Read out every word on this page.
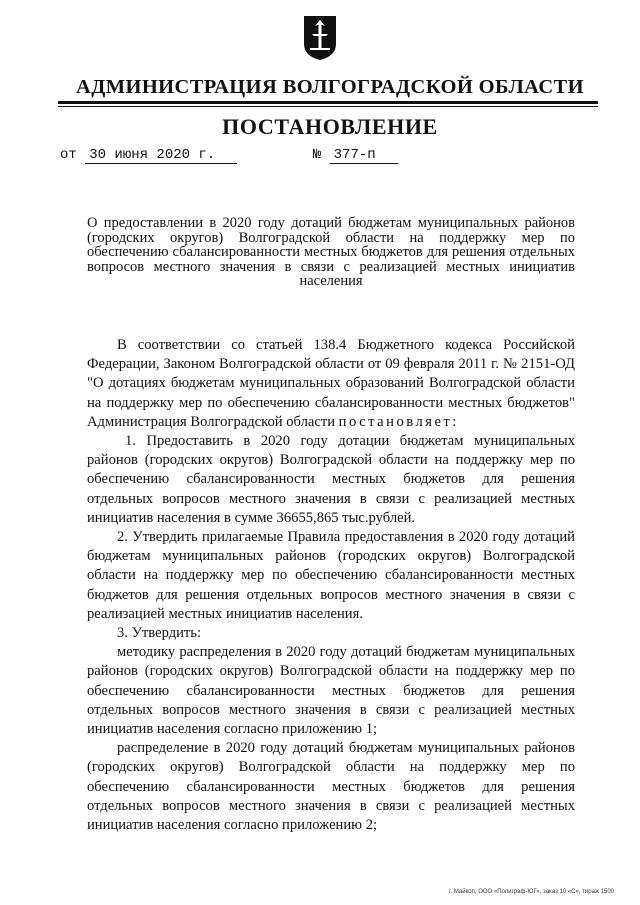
АДМИНИСТРАЦИЯ ВОЛГОГРАДСКОЙ ОБЛАСТИ
ПОСТАНОВЛЕНИЕ
от 30 июня 2020 г.	№ 377-п

О предоставлении в 2020 году дотаций бюджетам муниципальных районов (городских округов) Волгоградской области на поддержку мер по обеспечению сбалансированности местных бюджетов для решения отдельных вопросов местного значения в связи с реализацией местных инициатив населения

В соответствии со статьей 138.4 Бюджетного кодекса Российской Федерации, Законом Волгоградской области от 09 февраля 2011 г. № 2151-ОД "О дотациях бюджетам муниципальных образований Волгоградской области на поддержку мер по обеспечению сбалансированности местных бюджетов" Администрация Волгоградской области постановляет:

1. Предоставить в 2020 году дотации бюджетам муниципальных районов (городских округов) Волгоградской области на поддержку мер по обеспечению сбалансированности местных бюджетов для решения отдельных вопросов местного значения в связи с реализацией местных инициатив населения в сумме 36655,865 тыс.рублей.

2. Утвердить прилагаемые Правила предоставления в 2020 году дотаций бюджетам муниципальных районов (городских округов) Волгоградской области на поддержку мер по обеспечению сбалансированности местных бюджетов для решения отдельных вопросов местного значения в связи с реализацией местных инициатив населения.

3. Утвердить:

методику распределения в 2020 году дотаций бюджетам муниципальных районов (городских округов) Волгоградской области на поддержку мер по обеспечению сбалансированности местных бюджетов для решения отдельных вопросов местного значения в связи с реализацией местных инициатив населения согласно приложению 1;

распределение в 2020 году дотаций бюджетам муниципальных районов (городских округов) Волгоградской области на поддержку мер по обеспечению сбалансированности местных бюджетов для решения отдельных вопросов местного значения в связи с реализацией местных инициатив населения согласно приложению 2;

г. Майкоп, ООО «Полиграф-ЮГ», заказ 10 «С», тираж 1500
